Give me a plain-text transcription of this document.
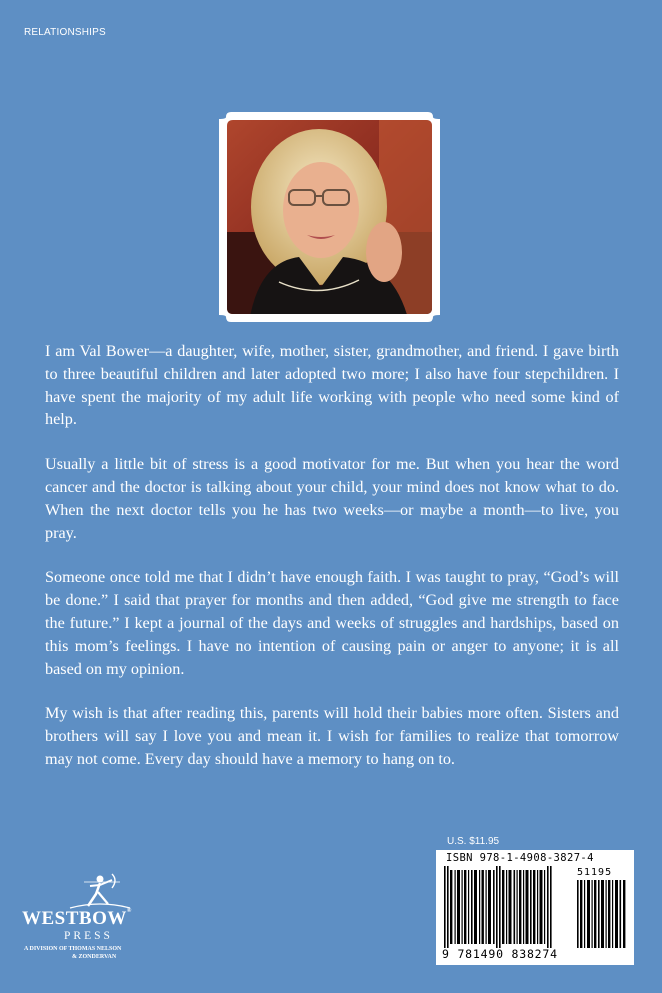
RELATIONSHIPS

I am Val Bower—a daughter, wife, mother, sister, grandmother, and friend. I gave birth to three beautiful children and later adopted two more; I also have four stepchildren. I have spent the majority of my adult life working with people who need some kind of help.

Usually a little bit of stress is a good motivator for me. But when you hear the word cancer and the doctor is talking about your child, your mind does not know what to do. When the next doctor tells you he has two weeks—or maybe a month—to live, you pray.

Someone once told me that I didn’t have enough faith. I was taught to pray, “God’s will be done.” I said that prayer for months and then added, “God give me strength to face the future.” I kept a journal of the days and weeks of struggles and hardships, based on this mom’s feelings. I have no intention of causing pain or anger to anyone; it is all based on my opinion.

My wish is that after reading this, parents will hold their babies more often. Sisters and brothers will say I love you and mean it. I wish for families to realize that tomorrow may not come. Every day should have a memory to hang on to.

U.S. $11.95
ISBN 978-1-4908-3827-4
51195
9 781490 838274
WESTBOW®
PRESS
A DIVISION OF THOMAS NELSON
& ZONDERVAN
